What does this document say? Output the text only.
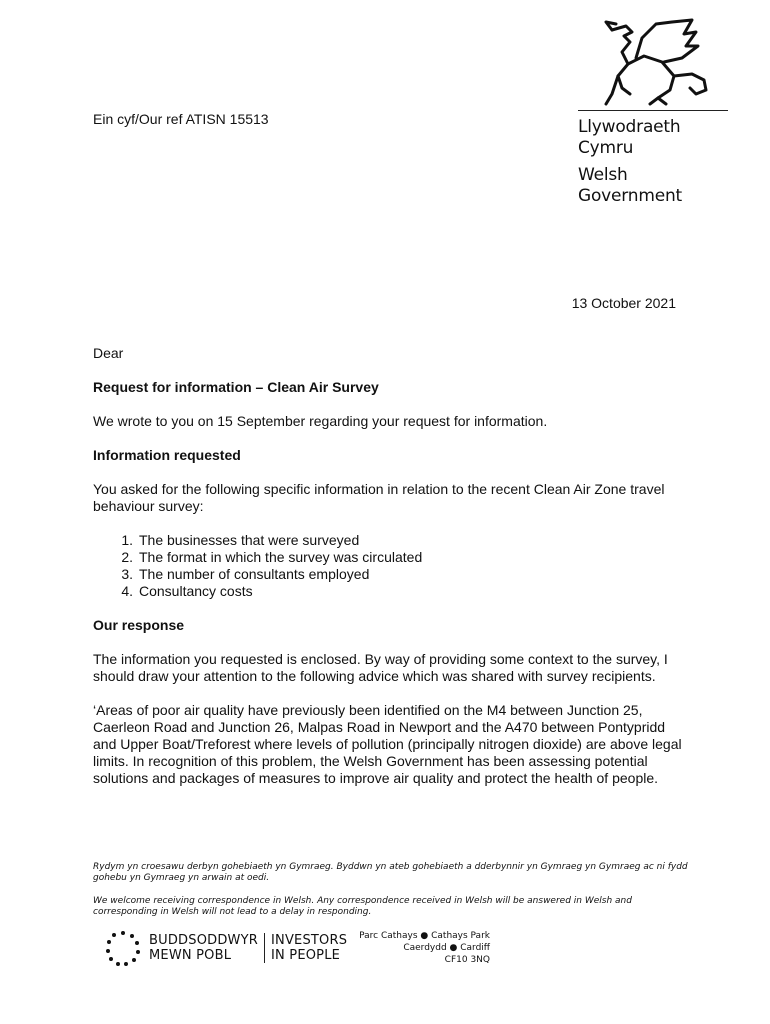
Llywodraeth Cymru
Welsh Government
Ein cyf/Our ref ATISN 15513
13 October 2021

Dear

Request for information – Clean Air Survey

We wrote to you on 15 September regarding your request for information.

Information requested

You asked for the following specific information in relation to the recent Clean Air Zone travel behaviour survey:

1. The businesses that were surveyed
2. The format in which the survey was circulated
3. The number of consultants employed
4. Consultancy costs

Our response

The information you requested is enclosed. By way of providing some context to the survey, I should draw your attention to the following advice which was shared with survey recipients.

‘Areas of poor air quality have previously been identified on the M4 between Junction 25, Caerleon Road and Junction 26, Malpas Road in Newport and the A470 between Pontypridd and Upper Boat/Treforest where levels of pollution (principally nitrogen dioxide) are above legal limits. In recognition of this problem, the Welsh Government has been assessing potential solutions and packages of measures to improve air quality and protect the health of people.

Rydym yn croesawu derbyn gohebiaeth yn Gymraeg. Byddwn yn ateb gohebiaeth a dderbynnir yn Gymraeg yn Gymraeg ac ni fydd gohebu yn Gymraeg yn arwain at oedi.
We welcome receiving correspondence in Welsh. Any correspondence received in Welsh will be answered in Welsh and corresponding in Welsh will not lead to a delay in responding.
BUDDSODDWYR
MEWN POBL
INVESTORS
IN PEOPLE
Parc Cathays ● Cathays Park
Caerdydd ● Cardiff
CF10 3NQ
